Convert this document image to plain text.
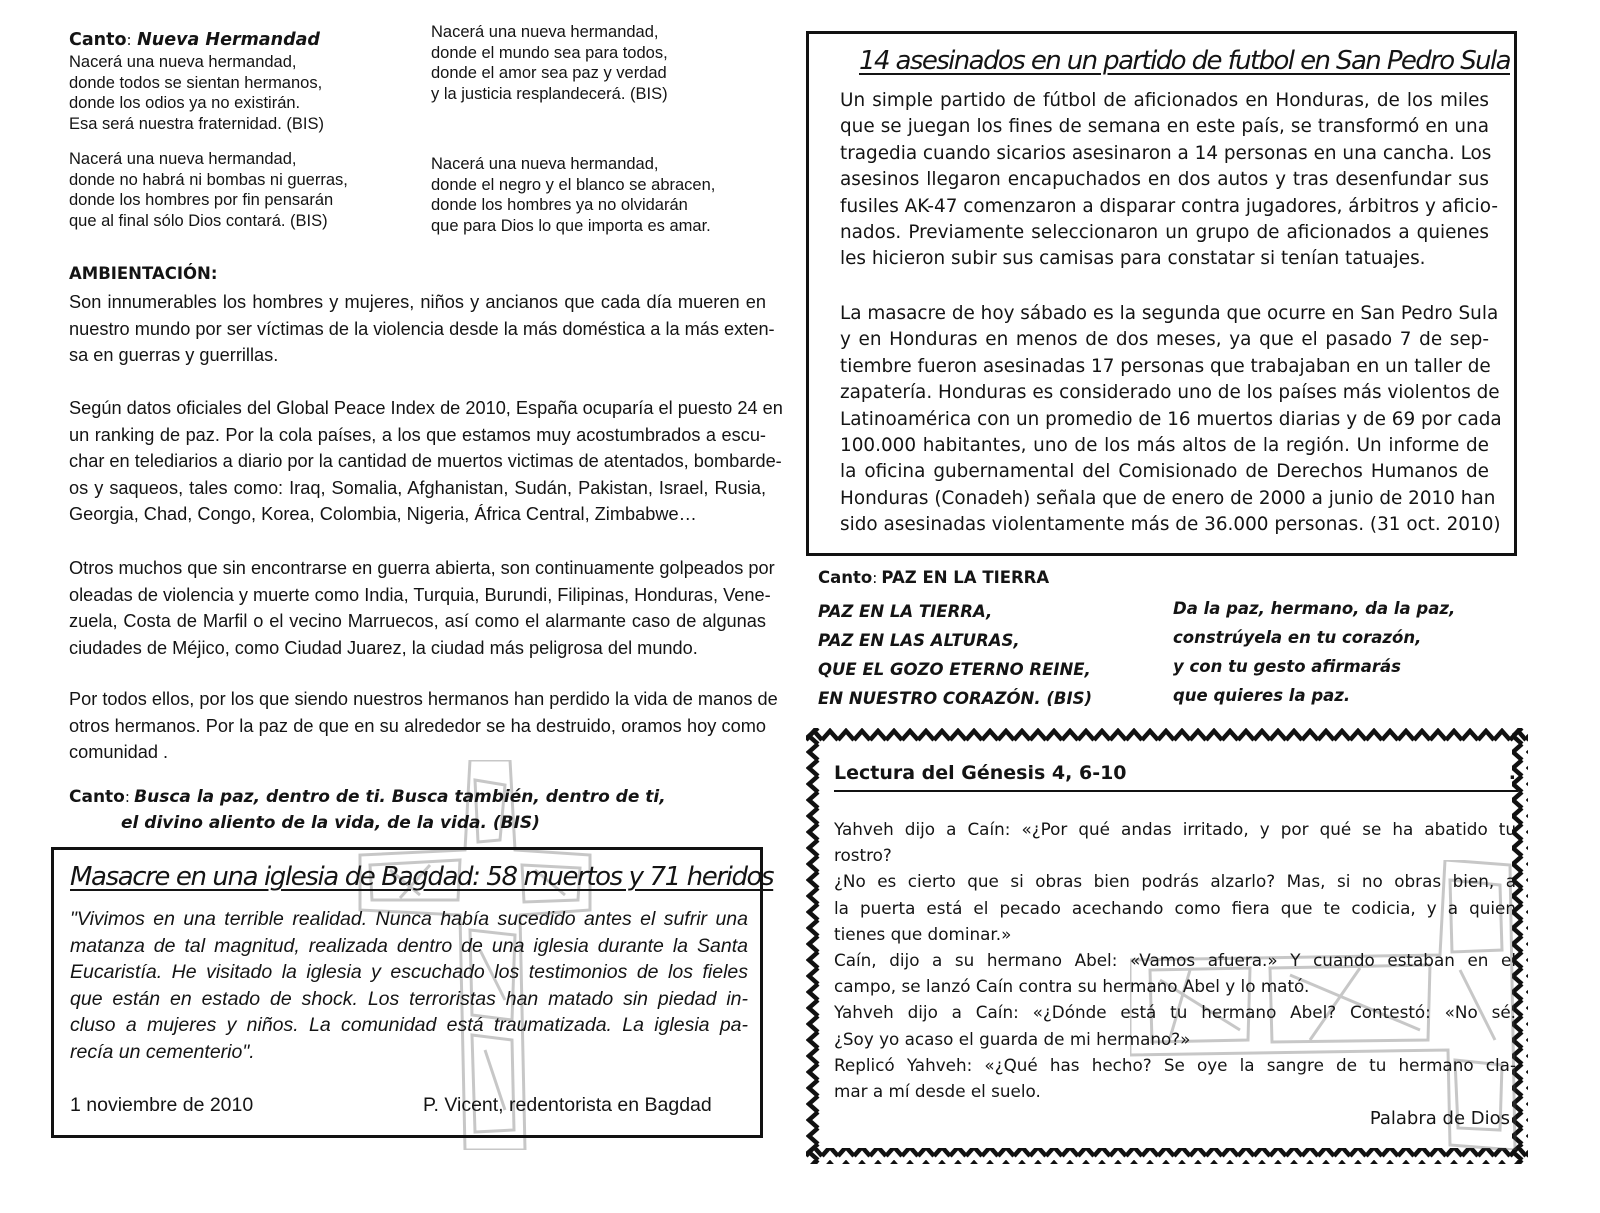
Canto: Nueva Hermandad
Nacerá una nueva hermandad,
donde todos se sientan hermanos,
donde los odios ya no existirán.
Esa será nuestra fraternidad. (BIS)
Nacerá una nueva hermandad,
donde el mundo sea para todos,
donde el amor sea paz y verdad
y la justicia resplandecerá. (BIS)
Nacerá una nueva hermandad,
donde no habrá ni bombas ni guerras,
donde los hombres por fin pensarán
que al final sólo Dios contará. (BIS)
Nacerá una nueva hermandad,
donde el negro y el blanco se abracen,
donde los hombres ya no olvidarán
que para Dios lo que importa es amar.
AMBIENTACIÓN:
Son innumerables los hombres y mujeres, niños y ancianos que cada día mueren en
nuestro mundo por ser víctimas de la violencia desde la más doméstica a la más exten-
sa en guerras y guerrillas.
Según datos oficiales del Global Peace Index de 2010, España ocuparía el puesto 24 en
un ranking de paz. Por la cola países, a los que estamos muy acostumbrados a escu-
char en telediarios a diario por la cantidad de muertos victimas de atentados, bombarde-
os y saqueos, tales como: Iraq, Somalia, Afghanistan, Sudán, Pakistan, Israel, Rusia,
Georgia, Chad, Congo, Korea, Colombia, Nigeria, África Central, Zimbabwe…
Otros muchos que sin encontrarse en guerra abierta, son continuamente golpeados por
oleadas de violencia y muerte como India, Turquia, Burundi, Filipinas, Honduras, Vene-
zuela, Costa de Marfil o el vecino Marruecos, así como el alarmante caso de algunas
ciudades de Méjico, como Ciudad Juarez, la ciudad más peligrosa del mundo.
Por todos ellos, por los que siendo nuestros hermanos han perdido la vida de manos de
otros hermanos. Por la paz de que en su alrededor se ha destruido, oramos hoy como
comunidad .
Canto: Busca la paz, dentro de ti. Busca también, dentro de ti,
el divino aliento de la vida, de la vida. (BIS)
Masacre en una iglesia de Bagdad: 58 muertos y 71 heridos
"Vivimos en una terrible realidad. Nunca había sucedido antes el sufrir una
matanza de tal magnitud, realizada dentro de una iglesia durante la Santa
Eucaristía. He visitado la iglesia y escuchado los testimonios de los fieles
que están en estado de shock. Los terroristas han matado sin piedad in-
cluso a mujeres y niños. La comunidad está traumatizada. La iglesia pa-
recía un cementerio".
1 noviembre de 2010	P. Vicent, redentorista en Bagdad
14 asesinados en un partido de futbol en San Pedro Sula
Un simple partido de fútbol de aficionados en Honduras, de los miles
que se juegan los fines de semana en este país, se transformó en una
tragedia cuando sicarios asesinaron a 14 personas en una cancha. Los
asesinos llegaron encapuchados en dos autos y tras desenfundar sus
fusiles AK-47 comenzaron a disparar contra jugadores, árbitros y aficio-
nados. Previamente seleccionaron un grupo de aficionados a quienes
les hicieron subir sus camisas para constatar si tenían tatuajes.
La masacre de hoy sábado es la segunda que ocurre en San Pedro Sula
y en Honduras en menos de dos meses, ya que el pasado 7 de sep-
tiembre fueron asesinadas 17 personas que trabajaban en un taller de
zapatería. Honduras es considerado uno de los países más violentos de
Latinoamérica con un promedio de 16 muertos diarias y de 69 por cada
100.000 habitantes, uno de los más altos de la región. Un informe de
la oficina gubernamental del Comisionado de Derechos Humanos de
Honduras (Conadeh) señala que de enero de 2000 a junio de 2010 han
sido asesinadas violentamente más de 36.000 personas. (31 oct. 2010)
Canto: PAZ EN LA TIERRA
PAZ EN LA TIERRA,
PAZ EN LAS ALTURAS,
QUE EL GOZO ETERNO REINE,
EN NUESTRO CORAZÓN. (BIS)
Da la paz, hermano, da la paz,
constrúyela en tu corazón,
y con tu gesto afirmarás
que quieres la paz.
Lectura del Génesis 4, 6-10	.
Yahveh dijo a Caín: «¿Por qué andas irritado, y por qué se ha abatido tu
rostro?
¿No es cierto que si obras bien podrás alzarlo? Mas, si no obras bien, a
la puerta está el pecado acechando como fiera que te codicia, y a quien
tienes que dominar.»
Caín, dijo a su hermano Abel: «Vamos afuera.» Y cuando estaban en el
campo, se lanzó Caín contra su hermano Abel y lo mató.
Yahveh dijo a Caín: «¿Dónde está tu hermano Abel? Contestó: «No sé.
¿Soy yo acaso el guarda de mi hermano?»
Replicó Yahveh: «¿Qué has hecho? Se oye la sangre de tu hermano cla-
mar a mí desde el suelo.
Palabra de Dios
